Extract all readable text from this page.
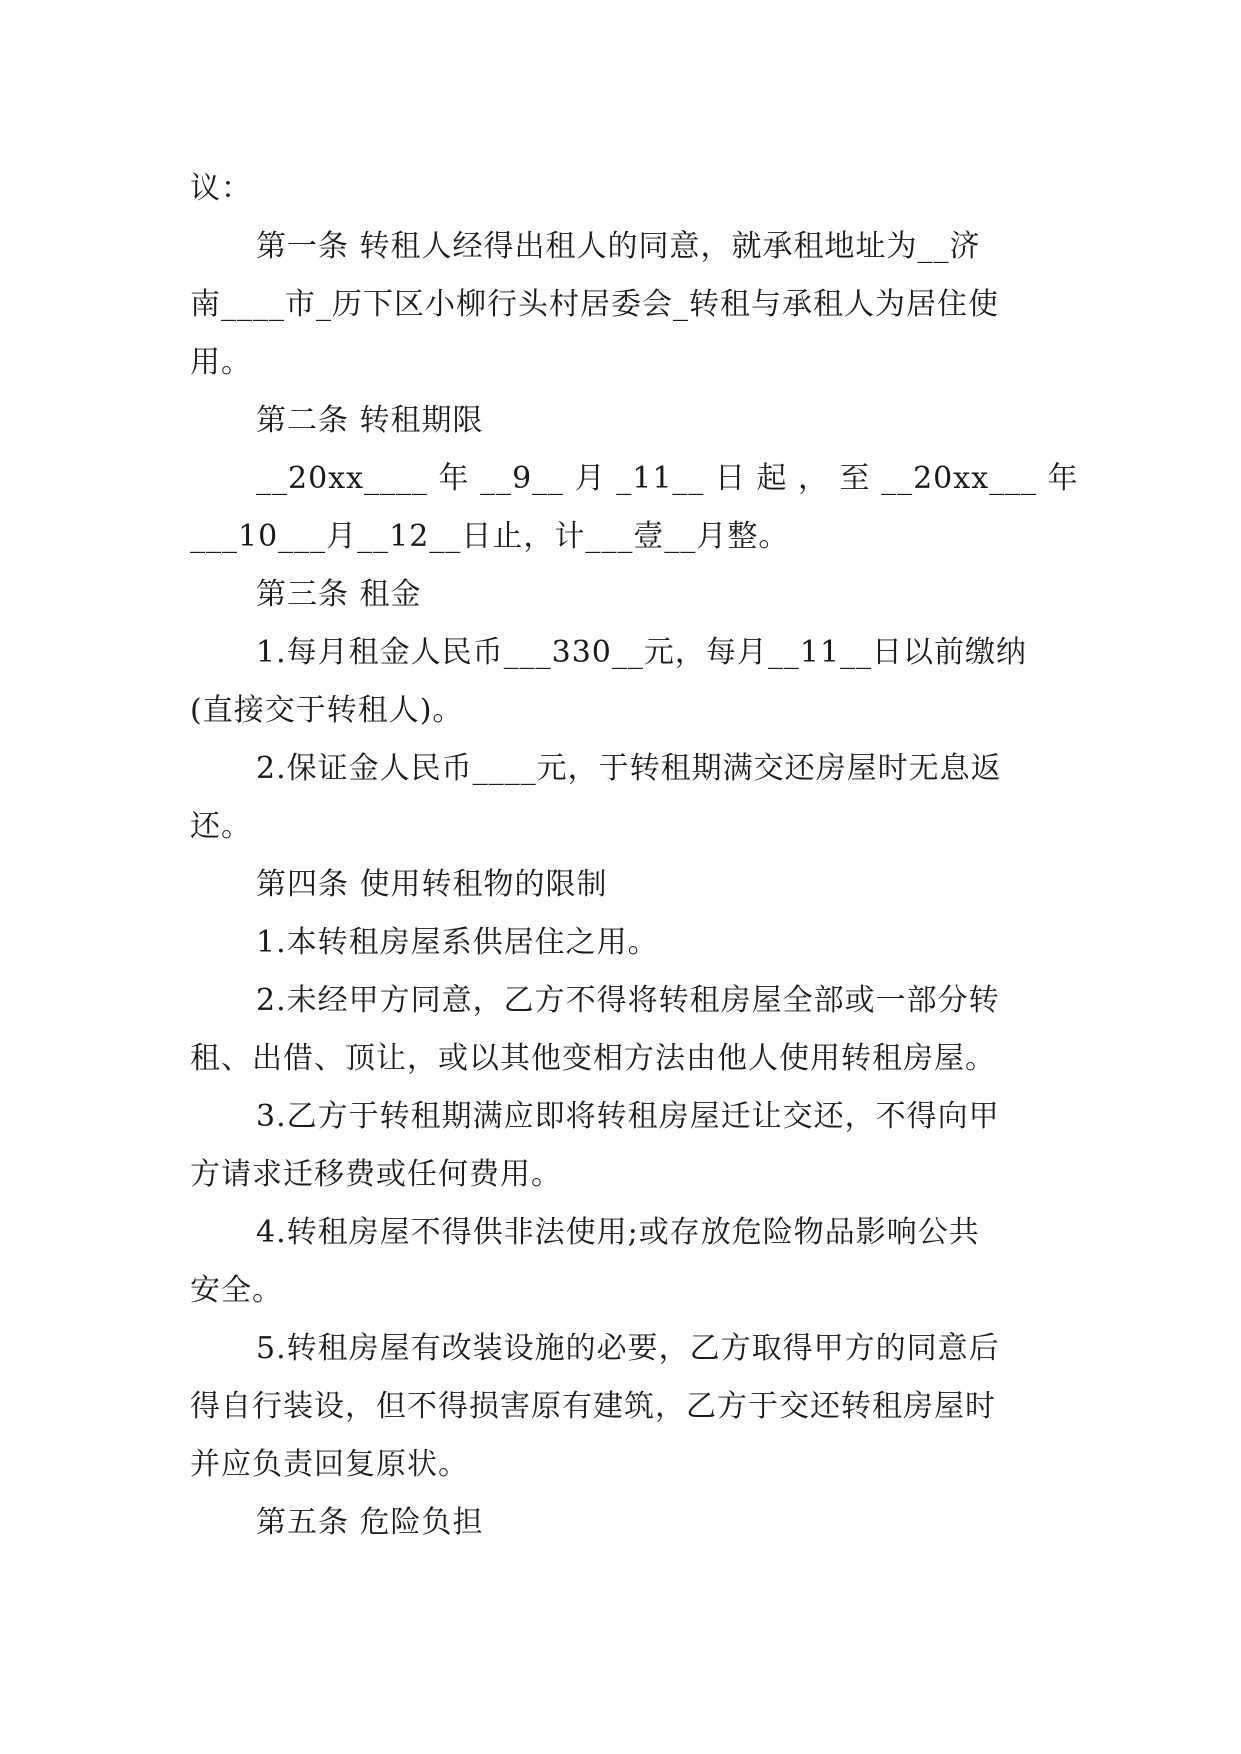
议：
第一条 转租人经得出租人的同意，就承租地址为__济
南____市_历下区小柳行头村居委会_转租与承租人为居住使
用。
第二条 转租期限
__20xx____ 年 __9__ 月 _11__ 日 起 ， 至 __20xx___ 年
___10___月__12__日止，计___壹__月整。
第三条 租金
1.每月租金人民币___330__元，每月__11__日以前缴纳
(直接交于转租人)。
2.保证金人民币____元，于转租期满交还房屋时无息返
还。
第四条 使用转租物的限制
1.本转租房屋系供居住之用。
2.未经甲方同意，乙方不得将转租房屋全部或一部分转
租、出借、顶让，或以其他变相方法由他人使用转租房屋。
3.乙方于转租期满应即将转租房屋迁让交还，不得向甲
方请求迁移费或任何费用。
4.转租房屋不得供非法使用;或存放危险物品影响公共
安全。
5.转租房屋有改装设施的必要，乙方取得甲方的同意后
得自行装设，但不得损害原有建筑，乙方于交还转租房屋时
并应负责回复原状。
第五条 危险负担
